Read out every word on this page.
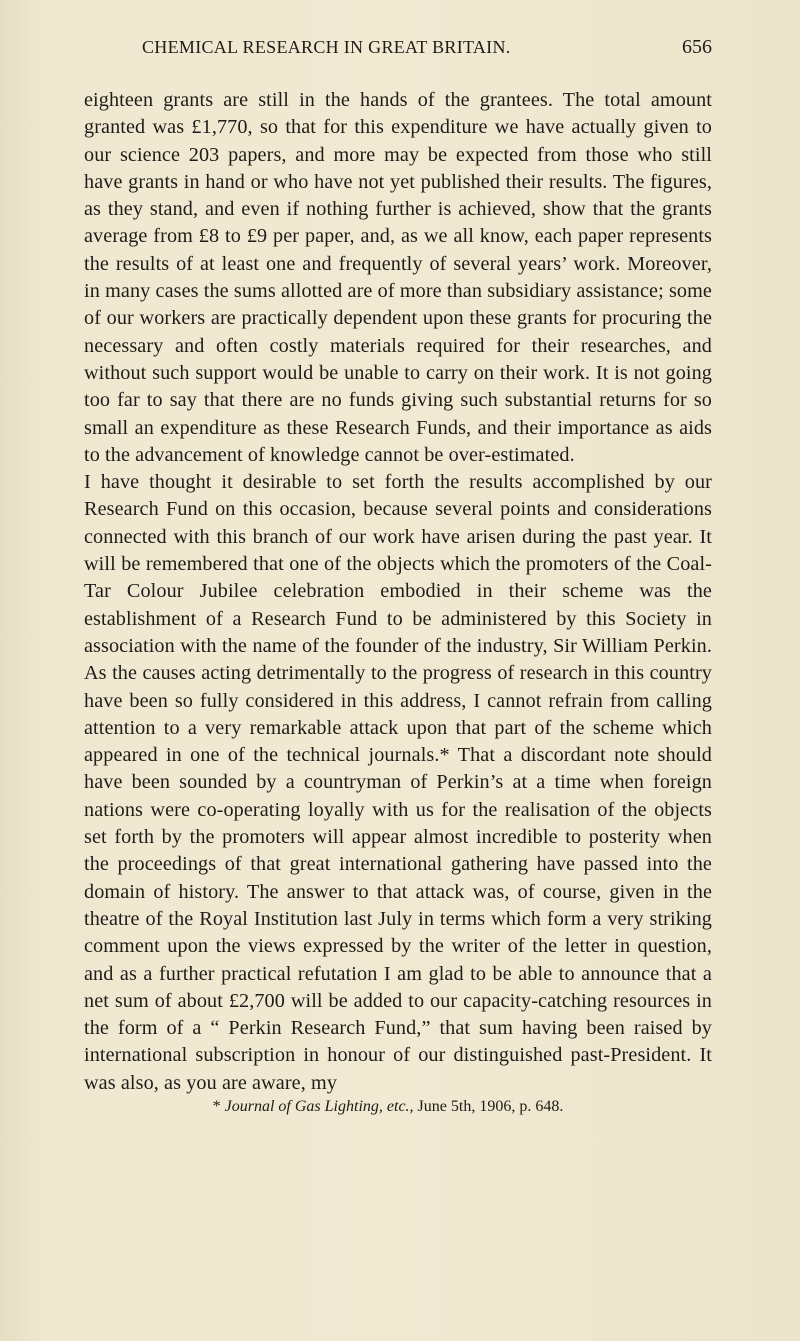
CHEMICAL RESEARCH IN GREAT BRITAIN.	656

eighteen grants are still in the hands of the grantees. The total amount granted was £1,770, so that for this expenditure we have actually given to our science 203 papers, and more may be expected from those who still have grants in hand or who have not yet published their results. The figures, as they stand, and even if nothing further is achieved, show that the grants average from £8 to £9 per paper, and, as we all know, each paper represents the results of at least one and frequently of several years’ work. Moreover, in many cases the sums allotted are of more than subsidiary assistance; some of our workers are practically dependent upon these grants for procuring the necessary and often costly materials required for their researches, and without such support would be unable to carry on their work. It is not going too far to say that there are no funds giving such substantial returns for so small an expenditure as these Research Funds, and their importance as aids to the advancement of knowledge cannot be over-estimated.

I have thought it desirable to set forth the results accomplished by our Research Fund on this occasion, because several points and considerations connected with this branch of our work have arisen during the past year. It will be remembered that one of the objects which the promoters of the Coal-Tar Colour Jubilee celebration embodied in their scheme was the establishment of a Research Fund to be administered by this Society in association with the name of the founder of the industry, Sir William Perkin. As the causes acting detrimentally to the progress of research in this country have been so fully considered in this address, I cannot refrain from calling attention to a very remarkable attack upon that part of the scheme which appeared in one of the technical journals.* That a discordant note should have been sounded by a countryman of Perkin’s at a time when foreign nations were co-operating loyally with us for the realisation of the objects set forth by the promoters will appear almost incredible to posterity when the proceedings of that great international gathering have passed into the domain of history. The answer to that attack was, of course, given in the theatre of the Royal Institution last July in terms which form a very striking comment upon the views expressed by the writer of the letter in question, and as a further practical refutation I am glad to be able to announce that a net sum of about £2,700 will be added to our capacity-catching resources in the form of a “ Perkin Research Fund,” that sum having been raised by international subscription in honour of our distinguished past-President. It was also, as you are aware, my

* Journal of Gas Lighting, etc., June 5th, 1906, p. 648.
